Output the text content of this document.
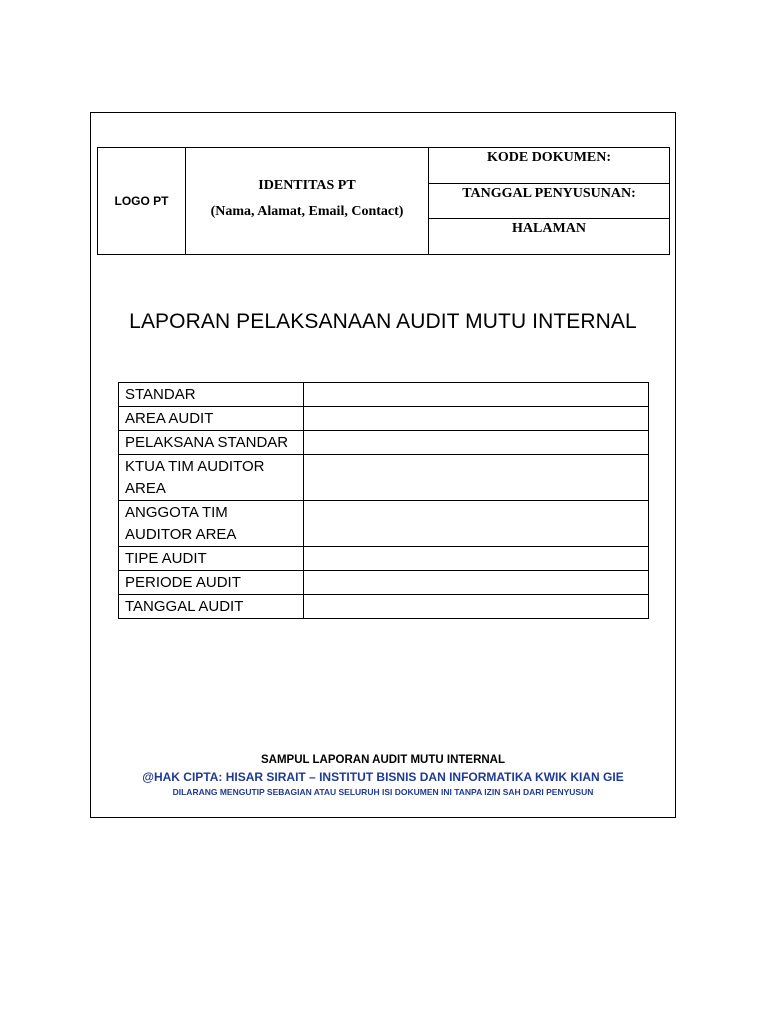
LOGO PT
IDENTITAS PT
(Nama, Alamat, Email, Contact)
KODE DOKUMEN:
TANGGAL PENYUSUNAN:
HALAMAN
LAPORAN PELAKSANAAN AUDIT MUTU INTERNAL
STANDAR	
AREA AUDIT	
PELAKSANA STANDAR	
KTUA TIM AUDITOR AREA	
ANGGOTA TIM AUDITOR AREA	
TIPE AUDIT	
PERIODE AUDIT	
TANGGAL AUDIT	
SAMPUL LAPORAN AUDIT MUTU INTERNAL
@HAK CIPTA: HISAR SIRAIT – INSTITUT BISNIS DAN INFORMATIKA KWIK KIAN GIE
DILARANG MENGUTIP SEBAGIAN ATAU SELURUH ISI DOKUMEN INI TANPA IZIN SAH DARI PENYUSUN
